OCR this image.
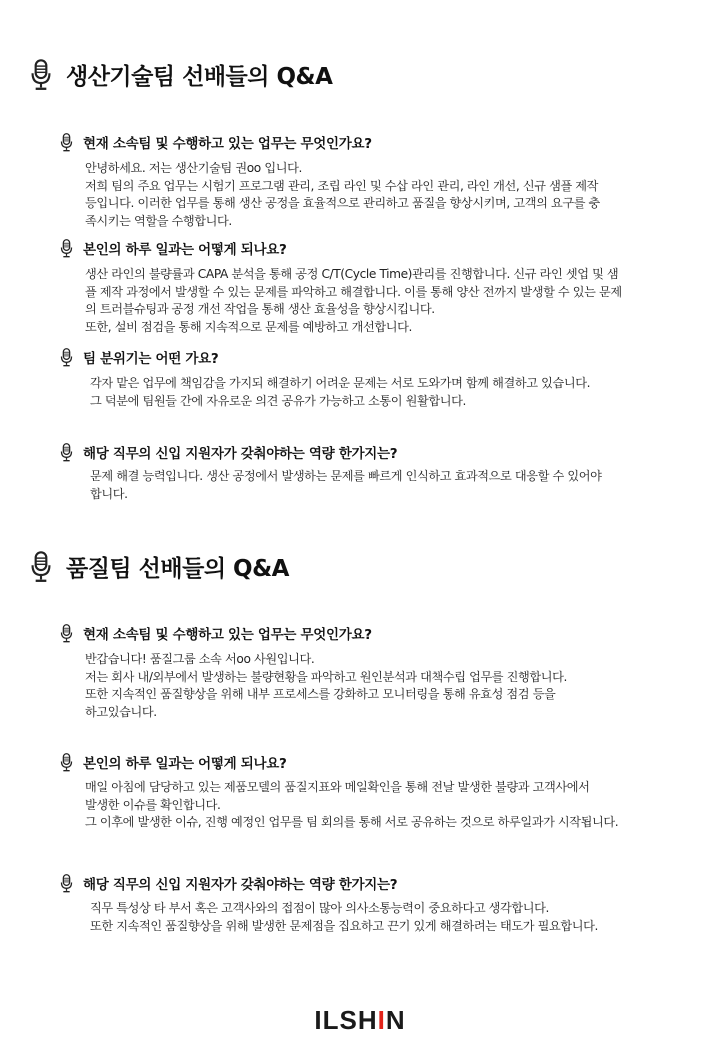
생산기술팀 선배들의 Q&A
현재 소속팀 및 수행하고 있는 업무는 무엇인가요?
안녕하세요. 저는 생산기술팀 권oo 입니다.
저희 팀의 주요 업무는 시험기 프로그램 관리, 조립 라인 및 수삽 라인 관리, 라인 개선, 신규 샘플 제작
등입니다. 이러한 업무를 통해 생산 공정을 효율적으로 관리하고 품질을 향상시키며, 고객의 요구를 충
족시키는 역할을 수행합니다.
본인의 하루 일과는 어떻게 되나요?
생산 라인의 불량률과 CAPA 분석을 통해 공정 C/T(Cycle Time)관리를 진행합니다. 신규 라인 셋업 및 샘
플 제작 과정에서 발생할 수 있는 문제를 파악하고 해결합니다. 이를 통해 양산 전까지 발생할 수 있는 문제
의 트러블슈팅과 공정 개선 작업을 통해 생산 효율성을 향상시킵니다.
또한, 설비 점검을 통해 지속적으로 문제를 예방하고 개선합니다.
팀 분위기는 어떤 가요?
각자 맡은 업무에 책임감을 가지되 해결하기 어려운 문제는 서로 도와가며 함께 해결하고 있습니다.
그 덕분에 팀원들 간에 자유로운 의견 공유가 가능하고 소통이 원활합니다.
해당 직무의 신입 지원자가 갖춰야하는 역량 한가지는?
문제 해결 능력입니다. 생산 공정에서 발생하는 문제를 빠르게 인식하고 효과적으로 대응할 수 있어야
합니다.
품질팀 선배들의 Q&A
현재 소속팀 및 수행하고 있는 업무는 무엇인가요?
반갑습니다! 품질그룹 소속 서oo 사원입니다.
저는 회사 내/외부에서 발생하는 불량현황을 파악하고 원인분석과 대책수립 업무를 진행합니다.
또한 지속적인 품질향상을 위해 내부 프로세스를 강화하고 모니터링을 통해 유효성 점검 등을
하고있습니다.
본인의 하루 일과는 어떻게 되나요?
매일 아침에 담당하고 있는 제품모델의 품질지표와 메일확인을 통해 전날 발생한 불량과 고객사에서
발생한 이슈를 확인합니다.
그 이후에 발생한 이슈, 진행 예정인 업무를 팀 회의를 통해 서로 공유하는 것으로 하루일과가 시작됩니다.
해당 직무의 신입 지원자가 갖춰야하는 역량 한가지는?
직무 특성상 타 부서 혹은 고객사와의 접점이 많아 의사소통능력이 중요하다고 생각합니다.
또한 지속적인 품질향상을 위해 발생한 문제점을 집요하고 끈기 있게 해결하려는 태도가 필요합니다.
ILSHIN
